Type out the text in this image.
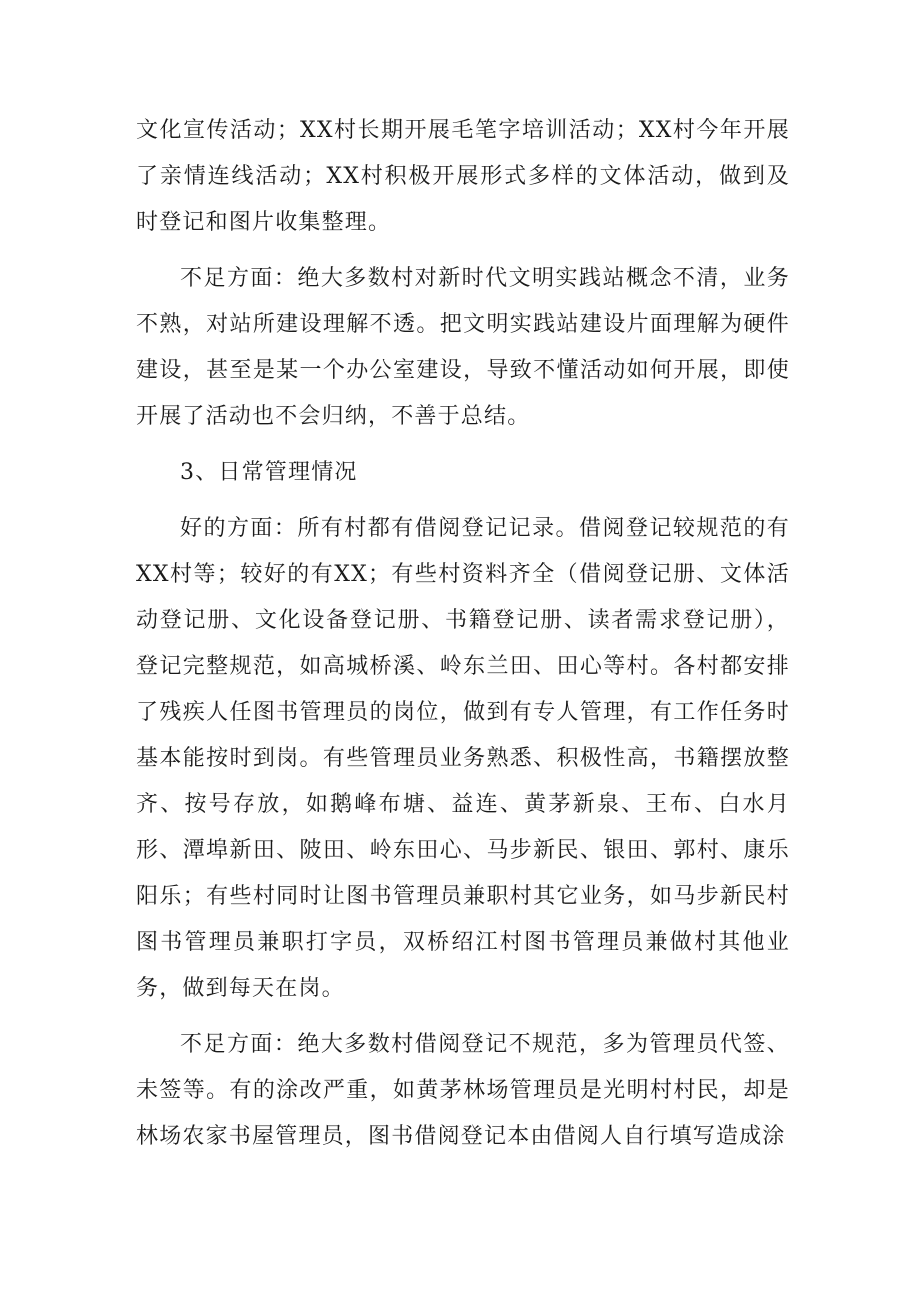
文化宣传活动；XX村长期开展毛笔字培训活动；XX村今年开展了亲情连线活动；XX村积极开展形式多样的文体活动，做到及时登记和图片收集整理。

不足方面：绝大多数村对新时代文明实践站概念不清，业务不熟，对站所建设理解不透。把文明实践站建设片面理解为硬件建设，甚至是某一个办公室建设，导致不懂活动如何开展，即使开展了活动也不会归纳，不善于总结。

3、日常管理情况

好的方面：所有村都有借阅登记记录。借阅登记较规范的有XX村等；较好的有XX；有些村资料齐全（借阅登记册、文体活动登记册、文化设备登记册、书籍登记册、读者需求登记册），登记完整规范，如高城桥溪、岭东兰田、田心等村。各村都安排了残疾人任图书管理员的岗位，做到有专人管理，有工作任务时基本能按时到岗。有些管理员业务熟悉、积极性高，书籍摆放整齐、按号存放，如鹅峰布塘、益连、黄茅新泉、王布、白水月形、潭埠新田、陂田、岭东田心、马步新民、银田、郭村、康乐阳乐；有些村同时让图书管理员兼职村其它业务，如马步新民村图书管理员兼职打字员，双桥绍江村图书管理员兼做村其他业务，做到每天在岗。

不足方面：绝大多数村借阅登记不规范，多为管理员代签、未签等。有的涂改严重，如黄茅林场管理员是光明村村民，却是林场农家书屋管理员，图书借阅登记本由借阅人自行填写造成涂
